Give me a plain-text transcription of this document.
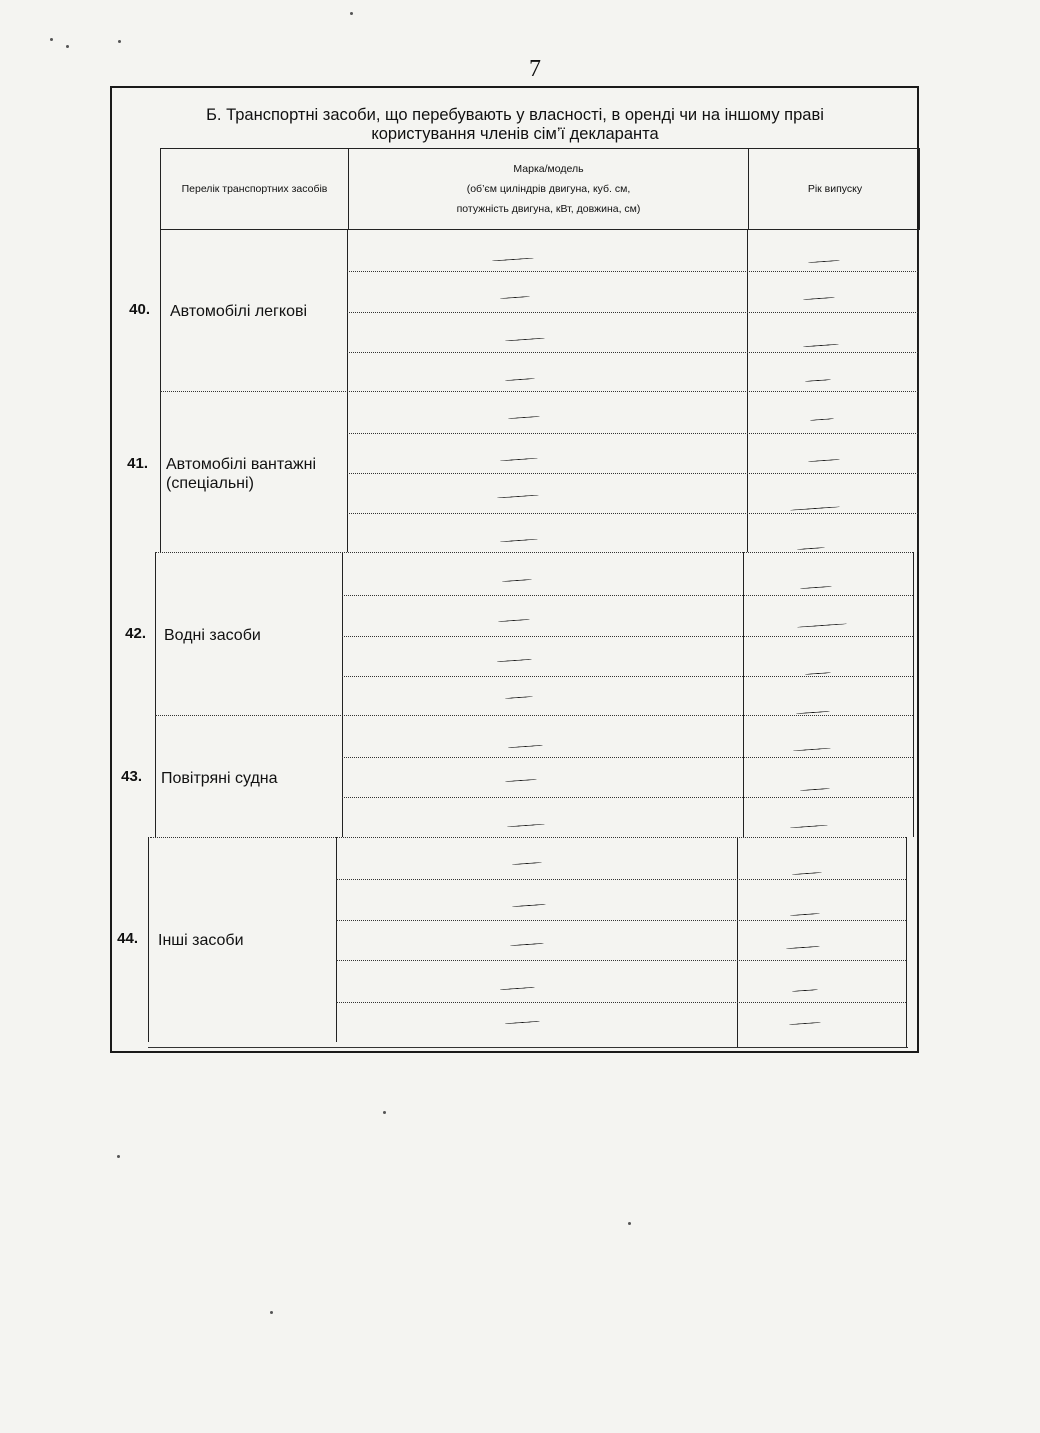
7
Б. Транспортні засоби, що перебувають у власності, в оренді чи на іншому праві користування членів сім’ї декларанта
Перелік транспортних засобів
Марка/модель
(об’єм циліндрів двигуна, куб. см,
потужність двигуна, кВт, довжина, см)
Рік випуску
40. Автомобілі легкові
41. Автомобілі вантажні (спеціальні)
42. Водні засоби
43. Повітряні судна
44. Інші засоби
